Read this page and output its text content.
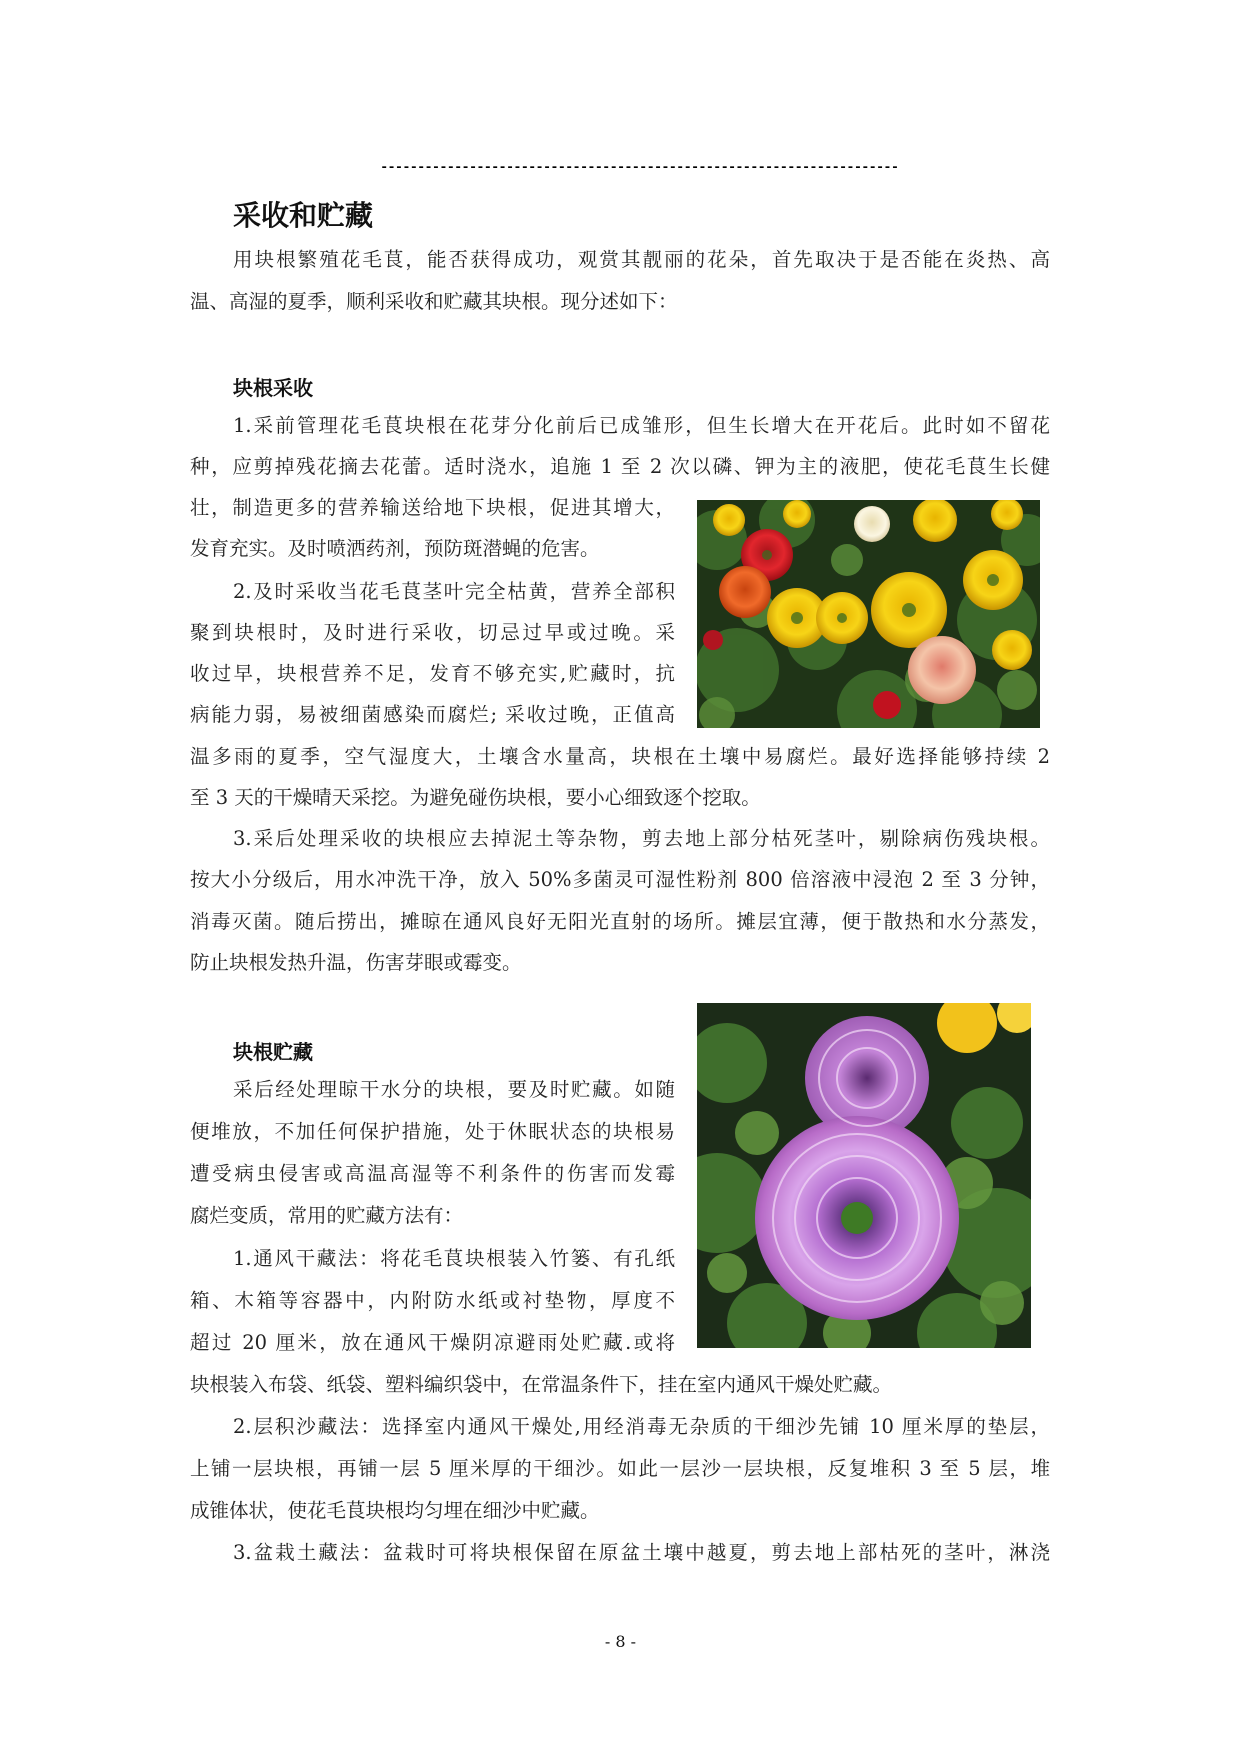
----------------------------------------------------------------------
采收和贮藏
用块根繁殖花毛茛，能否获得成功，观赏其靓丽的花朵，首先取决于是否能在炎热、高
温、高湿的夏季，顺利采收和贮藏其块根。现分述如下：
块根采收
1.采前管理花毛茛块根在花芽分化前后已成雏形，但生长增大在开花后。此时如不留花
种，应剪掉残花摘去花蕾。适时浇水，追施 1 至 2 次以磷、钾为主的液肥，使花毛茛生长健
壮，制造更多的营养输送给地下块根，促进其增大，
发育充实。及时喷洒药剂，预防斑潜蝇的危害。
2.及时采收当花毛茛茎叶完全枯黄，营养全部积
聚到块根时，及时进行采收，切忌过早或过晚。采
收过早，块根营养不足，发育不够充实,贮藏时，抗
病能力弱，易被细菌感染而腐烂; 采收过晚，正值高
温多雨的夏季，空气湿度大，土壤含水量高，块根在土壤中易腐烂。最好选择能够持续 2
至 3 天的干燥晴天采挖。为避免碰伤块根，要小心细致逐个挖取。
3.采后处理采收的块根应去掉泥土等杂物，剪去地上部分枯死茎叶，剔除病伤残块根。
按大小分级后，用水冲洗干净，放入 50%多菌灵可湿性粉剂 800 倍溶液中浸泡 2 至 3 分钟，
消毒灭菌。随后捞出，摊晾在通风良好无阳光直射的场所。摊层宜薄，便于散热和水分蒸发，
防止块根发热升温，伤害芽眼或霉变。
块根贮藏
采后经处理晾干水分的块根，要及时贮藏。如随
便堆放，不加任何保护措施，处于休眠状态的块根易
遭受病虫侵害或高温高湿等不利条件的伤害而发霉
腐烂变质，常用的贮藏方法有：
1.通风干藏法：将花毛茛块根装入竹篓、有孔纸
箱、木箱等容器中，内附防水纸或衬垫物，厚度不
超过 20 厘米，放在通风干燥阴凉避雨处贮藏.或将
块根装入布袋、纸袋、塑料编织袋中，在常温条件下，挂在室内通风干燥处贮藏。
2.层积沙藏法：选择室内通风干燥处,用经消毒无杂质的干细沙先铺 10 厘米厚的垫层，
上铺一层块根，再铺一层 5 厘米厚的干细沙。如此一层沙一层块根，反复堆积 3 至 5 层，堆
成锥体状，使花毛茛块根均匀埋在细沙中贮藏。
3.盆栽土藏法：盆栽时可将块根保留在原盆土壤中越夏，剪去地上部枯死的茎叶，淋浇
- 8 -
